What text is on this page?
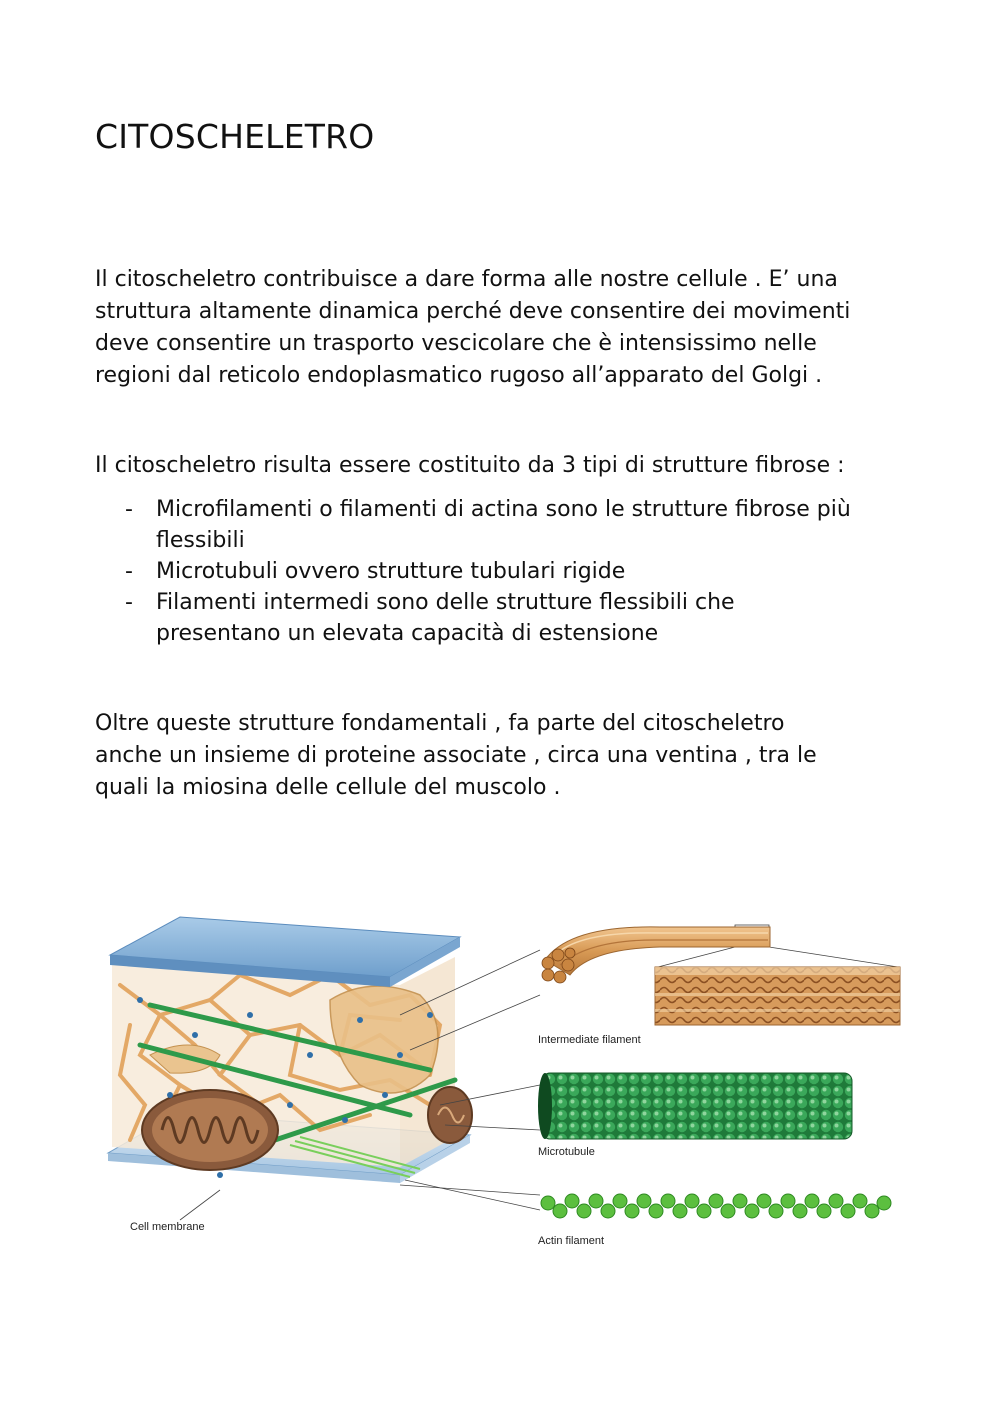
CITOSCHELETRO

Il citoscheletro contribuisce a dare forma alle nostre cellule . E’ una
struttura altamente dinamica perché deve consentire dei movimenti
deve consentire un trasporto vescicolare che è intensissimo nelle
regioni dal reticolo endoplasmatico rugoso all’apparato del Golgi .

Il citoscheletro risulta essere costituito da 3 tipi di strutture fibrose :

- Microfilamenti o filamenti di actina sono le strutture fibrose più
flessibili
- Microtubuli ovvero strutture tubulari rigide
- Filamenti intermedi sono delle strutture flessibili che
presentano un elevata capacità di estensione

Oltre queste strutture fondamentali , fa parte del citoscheletro
anche un insieme di proteine associate , circa una ventina , tra le
quali la miosina delle cellule del muscolo .

Intermediate filament
Microtubule
Actin filament
Cell membrane
